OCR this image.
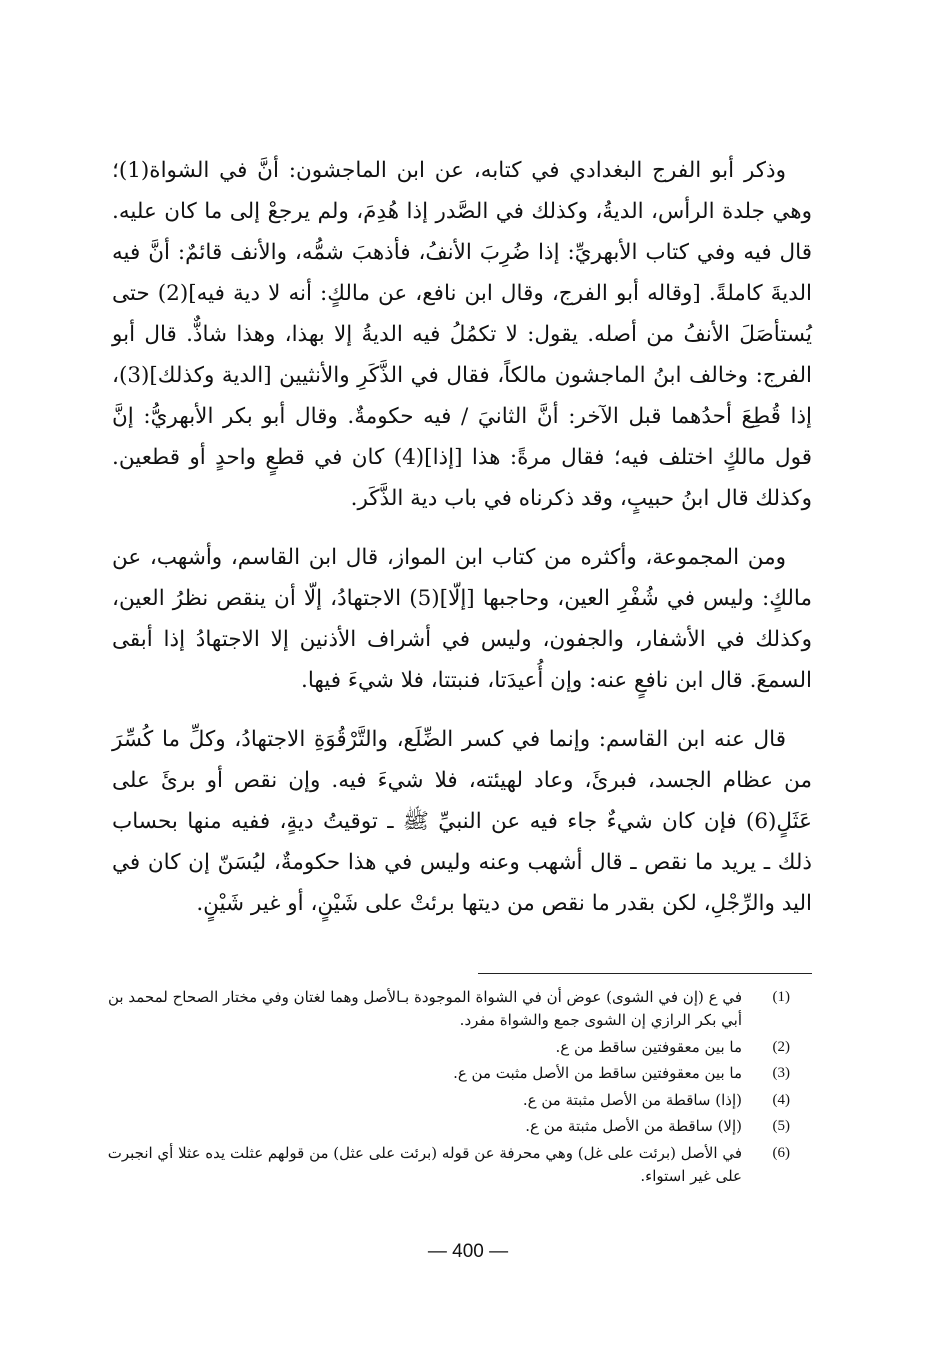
وذكر أبو الفرج البغدادي في كتابه، عن ابن الماجشون: أنَّ في الشواة(1)؛ وهي جلدة الرأس، الديةُ، وكذلك في الصَّدر إذا هُدِمَ، ولم يرجعْ إلى ما كان عليه. قال فيه وفي كتاب الأبهريِّ: إذا ضُرِبَ الأنفُ، فأذهبَ شمُّه، والأنف قائمٌ: أنَّ فيه الديةَ كاملةً. [وقاله أبو الفرج، وقال ابن نافع، عن مالكٍ: أنه لا دية فيه](2) حتى يُستأصَلَ الأنفُ من أصله. يقول: لا تكمُلُ فيه الديةُ إلا بهذا، وهذا شاذٌّ. قال أبو الفرج: وخالف ابنُ الماجشون مالكاً، فقال في الذَّكَرِ والأنثيين [الدية وكذلك](3)، إذا قُطِعَ أحدُهما قبل الآخر: أنَّ الثانيَ / فيه حكومةٌ. وقال أبو بكر الأبهريُّ: إنَّ قول مالكٍ اختلف فيه؛ فقال مرةً: هذا [إذا](4) كان في قطعٍ واحدٍ أو قطعين. وكذلك قال ابنُ حبيبٍ، وقد ذكرناه في باب دية الذَّكَر.

ومن المجموعة، وأكثره من كتاب ابن المواز، قال ابن القاسم، وأشهب، عن مالكٍ: وليس في شُفْرِ العين، وحاجبها [إلّا](5) الاجتهادُ، إلّا أن ينقص نظرُ العين، وكذلك في الأشفار، والجفون، وليس في أشراف الأذنين إلا الاجتهادُ إذا أبقى السمعَ. قال ابن نافعٍ عنه: وإن أُعيدَتا، فنبتتا، فلا شيءَ فيها.

قال عنه ابن القاسم: وإنما في كسر الضِّلَع، والتَّرْقُوَةِ الاجتهادُ، وكلِّ ما كُسِّرَ من عظام الجسد، فبرئَ، وعاد لهيئته، فلا شيءَ فيه. وإن نقص أو برئَ على عَثَلٍ(6) فإن كان شيءٌ جاء فيه عن النبيِّ ﷺ ـ توقيتُ ديةٍ، ففيه منها بحساب ذلك ـ يريد ما نقص ـ قال أشهب وعنه وليس في هذا حكومةٌ، ليُسَنّ إن كان في اليد والرِّجْلِ، لكن بقدر ما نقص من ديتها برئتْ على شَيْنٍ، أو غير شَيْنٍ.

(1)
في ع (إن في الشوى) عوض أن في الشواة الموجودة بـالأصل وهما لغتان وفي مختار الصحاح لمحمد بن أبي بكر الرازي إن الشوى جمع والشواة مفرد.
(2)
ما بين معقوفتين ساقط من ع.
(3)
ما بين معقوفتين ساقط من الأصل مثبت من ع.
(4)
(إذا) ساقطة من الأصل مثبتة من ع.
(5)
(إلا) ساقطة من الأصل مثبتة من ع.
(6)
في الأصل (برئت على غل) وهي محرفة عن قوله (برئت على عثل) من قولهم عثلت يده عثلا أي انجبرت على غير استواء.
— 400 —
